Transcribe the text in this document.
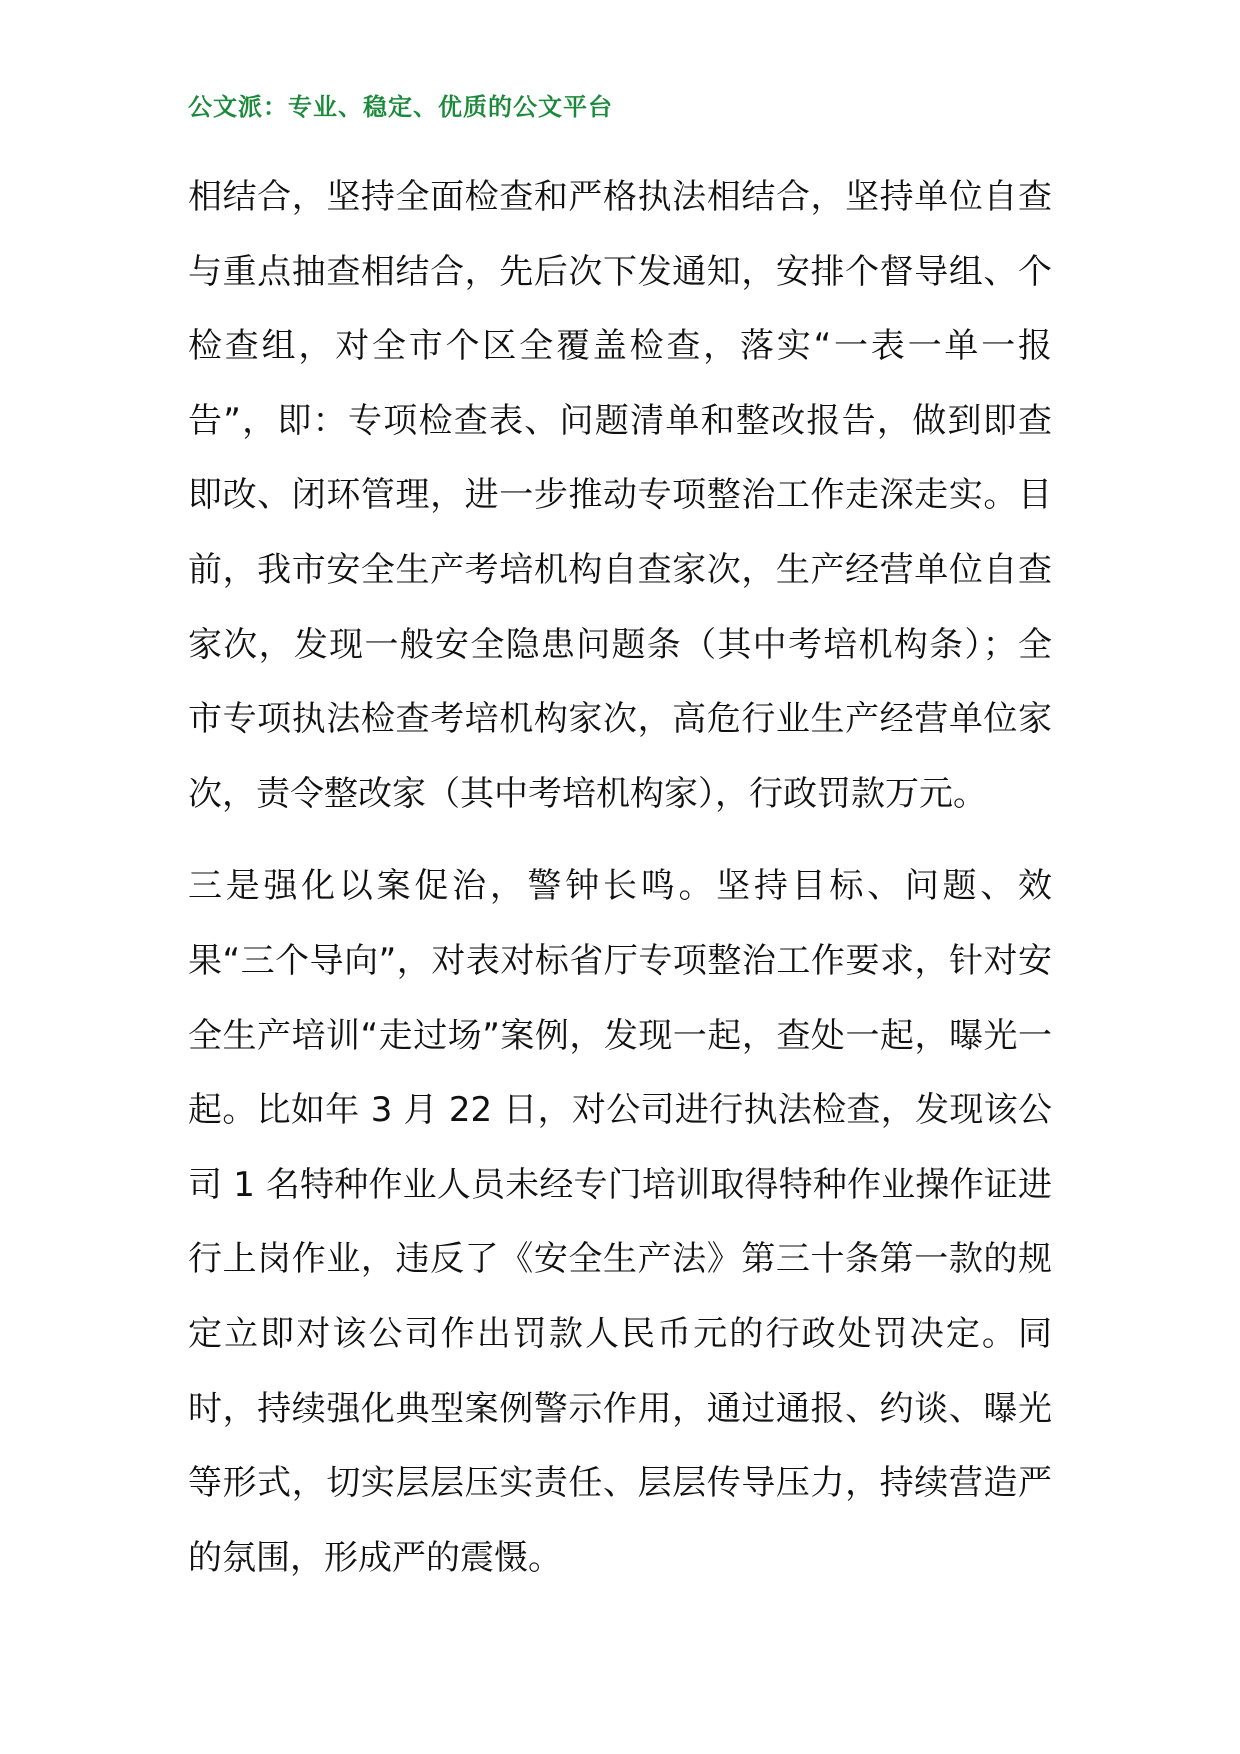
公文派：专业、稳定、优质的公文平台

相结合，坚持全面检查和严格执法相结合，坚持单位自查与重点抽查相结合，先后次下发通知，安排个督导组、个检查组，对全市个区全覆盖检查，落实“一表一单一报告”，即：专项检查表、问题清单和整改报告，做到即查即改、闭环管理，进一步推动专项整治工作走深走实。目前，我市安全生产考培机构自查家次，生产经营单位自查家次，发现一般安全隐患问题条（其中考培机构条）；全市专项执法检查考培机构家次，高危行业生产经营单位家次，责令整改家（其中考培机构家），行政罚款万元。

三是强化以案促治，警钟长鸣。坚持目标、问题、效果“三个导向”，对表对标省厅专项整治工作要求，针对安全生产培训“走过场”案例，发现一起，查处一起，曝光一起。比如年 3 月 22 日，对公司进行执法检查，发现该公司 1 名特种作业人员未经专门培训取得特种作业操作证进行上岗作业，违反了《安全生产法》第三十条第一款的规定立即对该公司作出罚款人民币元的行政处罚决定。同时，持续强化典型案例警示作用，通过通报、约谈、曝光等形式，切实层层压实责任、层层传导压力，持续营造严的氛围，形成严的震慑。
